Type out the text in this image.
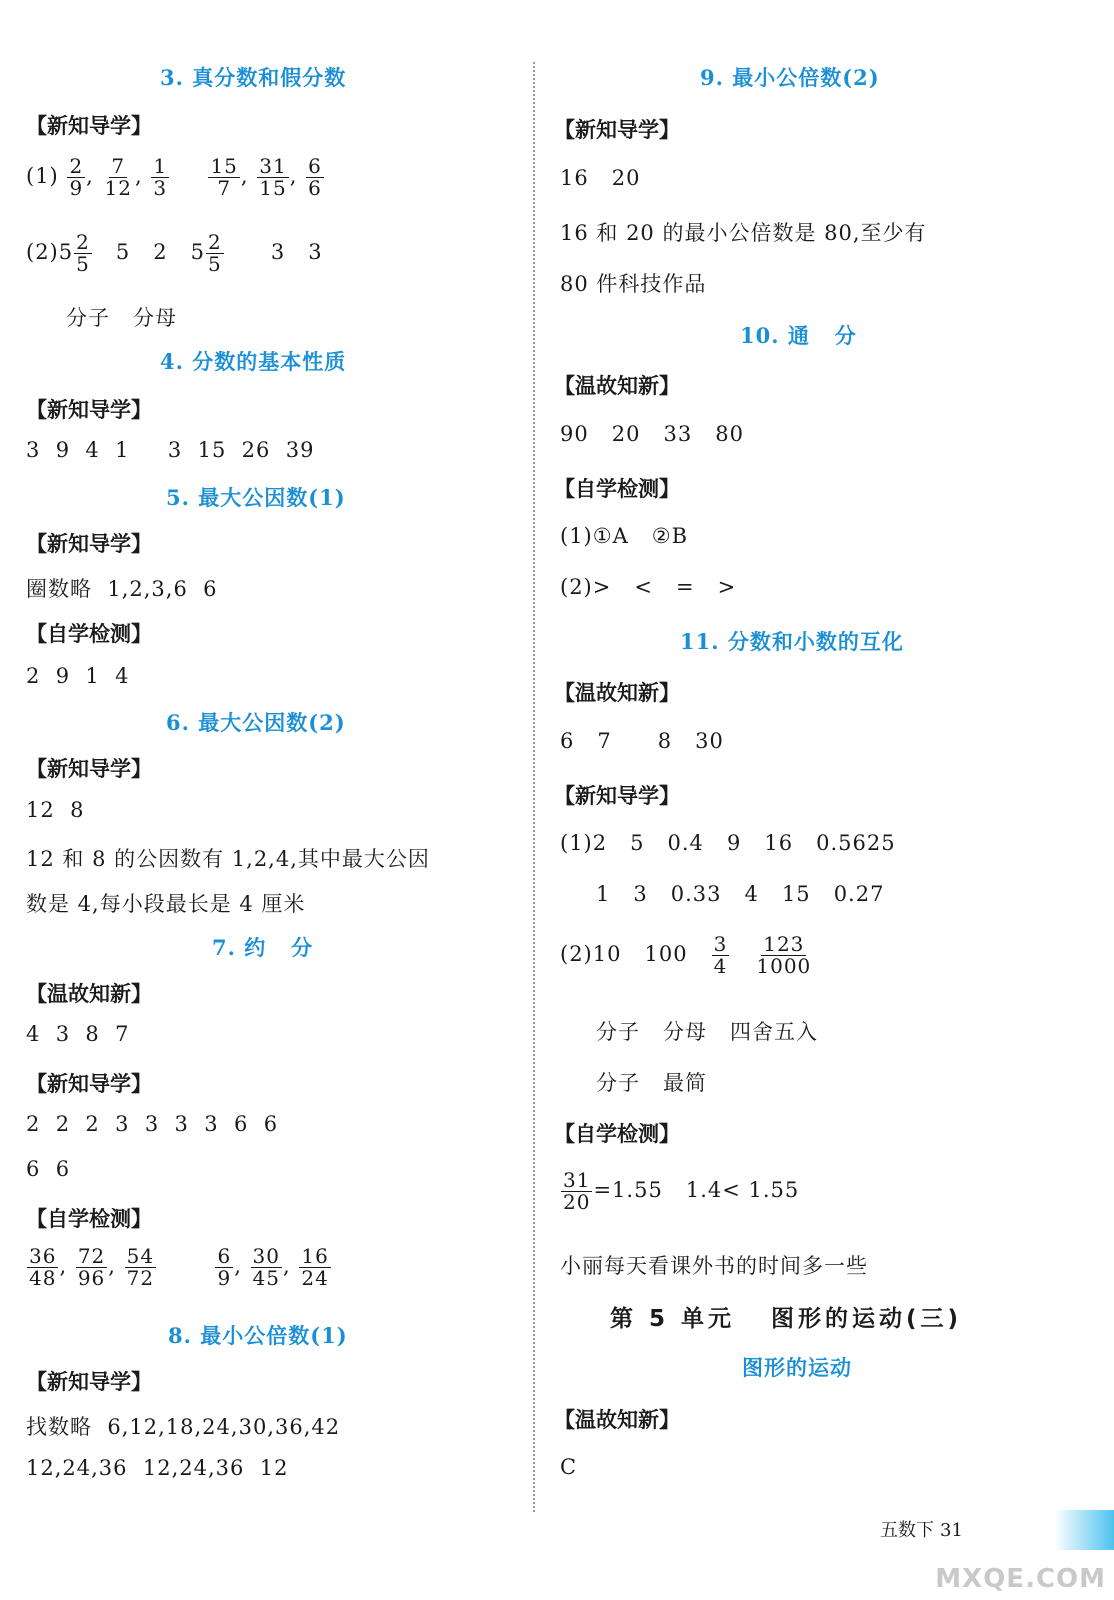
3. 真分数和假分数
【新知导学】
$(1) \frac{2}{9}$ , $\frac{7}{12}$ , $\frac{1}{3}$
$\frac{15}{7}$ , $\frac{31}{15}$ , $\frac{6}{6}$
$(2)5 \frac{2}{5} 5$   2   $5 \frac{2}{5} 3$   3
分子   分母
4. 分数的基本性质
【新知导学】
3  9  4  1     3  15  26  39
5. 最大公因数(1)
【新知导学】
圈数略  1,2,3,6  6
【自学检测】
2  9  1  4
6. 最大公因数(2)
【新知导学】
12  8
12 和 8 的公因数有 1,2,4,其中最大公因
数是 4,每小段最长是 4 厘米
7. 约   分
【温故知新】
4  3  8  7
【新知导学】
2  2  2  3  3  3  3  6  6
6  6
【自学检测】
$\frac{36}{48}$ , $\frac{72}{96}$ , $\frac{54}{72}$
	$\frac{6}{9}$ , $\frac{30}{45}$ , $\frac{16}{24}$
8. 最小公倍数(1)
【新知导学】
找数略  6,12,18,24,30,36,42
12,24,36  12,24,36  12
9. 最小公倍数(2)
【新知导学】
16   20
16 和 20 的最小公倍数是 80,至少有
80 件科技作品
10. 通   分
【温故知新】
90   20   33   80
【自学检测】
(1)①A   ②B
(2)>   <   =   >
11. 分数和小数的互化
【温故知新】
6   7      8   30
【新知导学】
(1)2   5   0.4   9   16   0.5625
1   3   0.33   4   15   0.27
(2)10   $100 \frac{3}{4}$
$\frac{123}{1000}$
分子   分母   四舍五入
分子   最简
【自学检测】
$\frac{31}{20} =1.55$   1.4< 1.55
小丽每天看课外书的时间多一些
第 5 单元   图形的运动(三)
图形的运动
【温故知新】
C
五数下 31
MXQE.COM
